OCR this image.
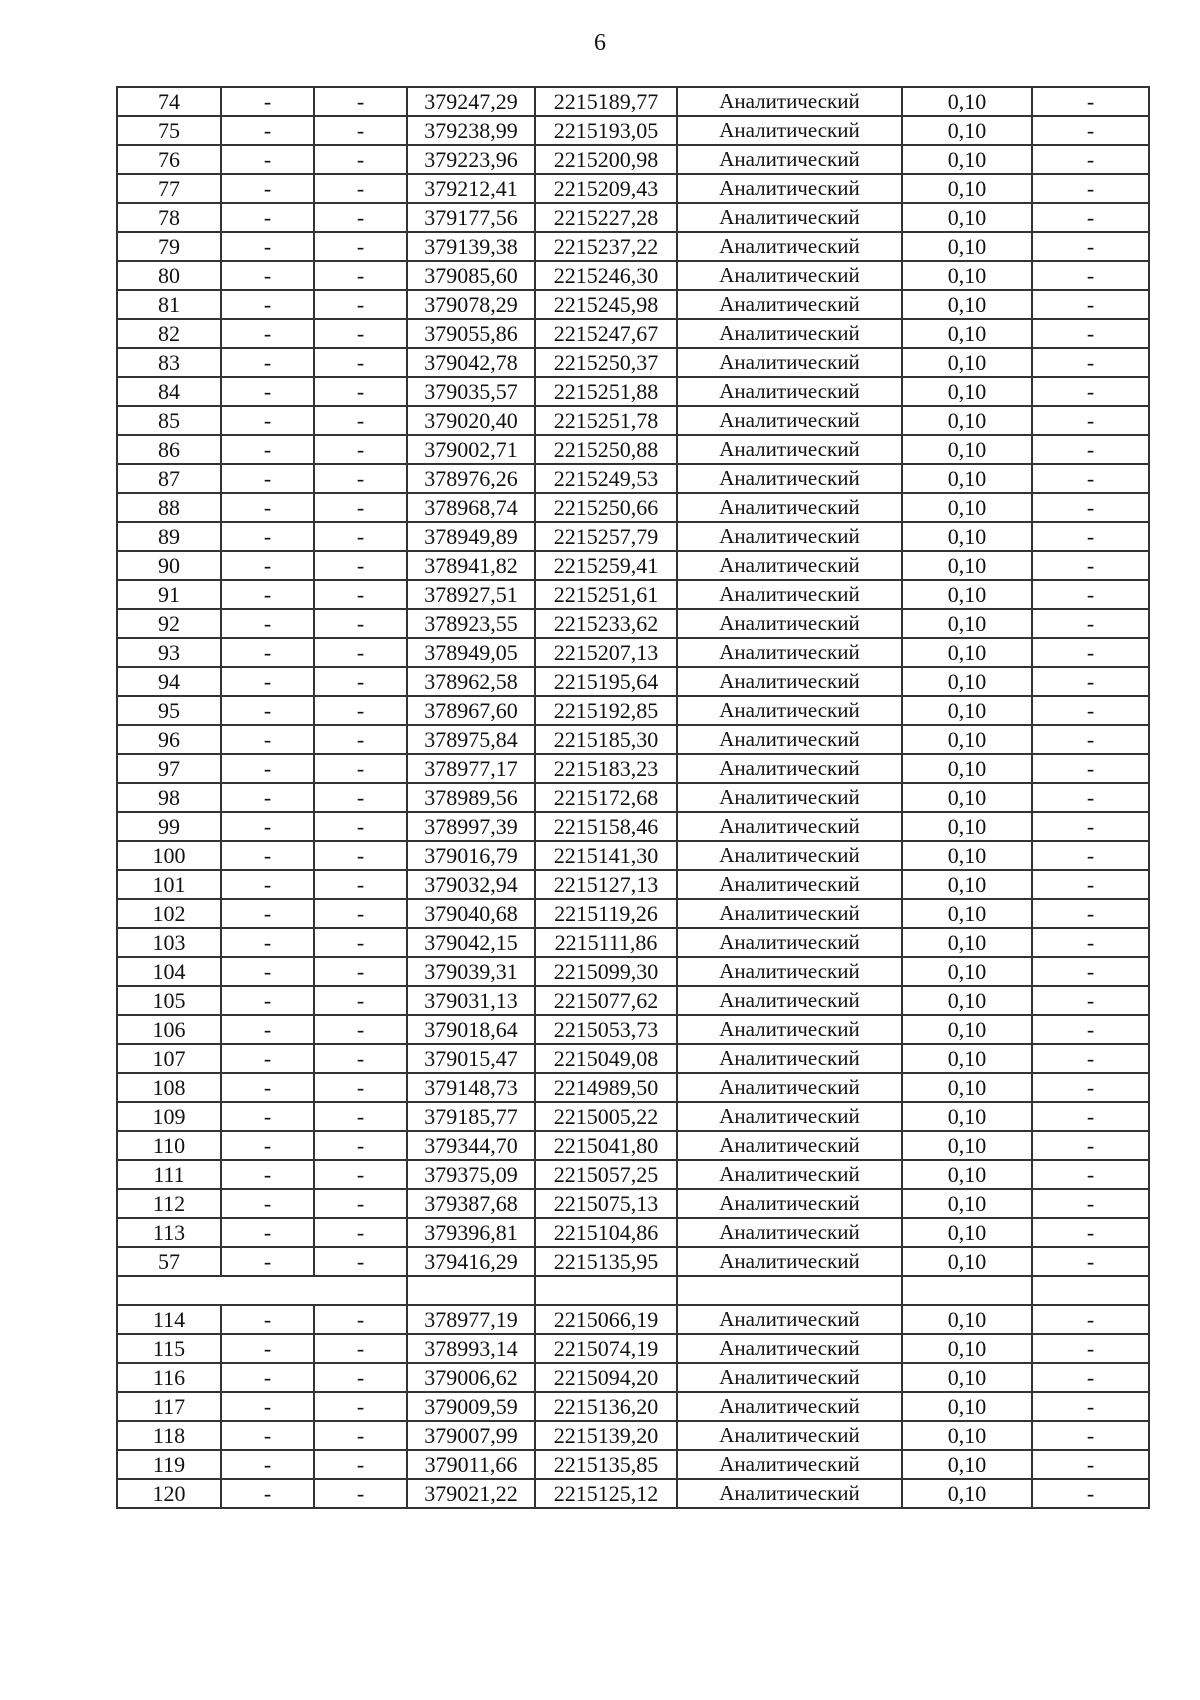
6
74	-	-	379247,29	2215189,77	Аналитический	0,10	-
75	-	-	379238,99	2215193,05	Аналитический	0,10	-
76	-	-	379223,96	2215200,98	Аналитический	0,10	-
77	-	-	379212,41	2215209,43	Аналитический	0,10	-
78	-	-	379177,56	2215227,28	Аналитический	0,10	-
79	-	-	379139,38	2215237,22	Аналитический	0,10	-
80	-	-	379085,60	2215246,30	Аналитический	0,10	-
81	-	-	379078,29	2215245,98	Аналитический	0,10	-
82	-	-	379055,86	2215247,67	Аналитический	0,10	-
83	-	-	379042,78	2215250,37	Аналитический	0,10	-
84	-	-	379035,57	2215251,88	Аналитический	0,10	-
85	-	-	379020,40	2215251,78	Аналитический	0,10	-
86	-	-	379002,71	2215250,88	Аналитический	0,10	-
87	-	-	378976,26	2215249,53	Аналитический	0,10	-
88	-	-	378968,74	2215250,66	Аналитический	0,10	-
89	-	-	378949,89	2215257,79	Аналитический	0,10	-
90	-	-	378941,82	2215259,41	Аналитический	0,10	-
91	-	-	378927,51	2215251,61	Аналитический	0,10	-
92	-	-	378923,55	2215233,62	Аналитический	0,10	-
93	-	-	378949,05	2215207,13	Аналитический	0,10	-
94	-	-	378962,58	2215195,64	Аналитический	0,10	-
95	-	-	378967,60	2215192,85	Аналитический	0,10	-
96	-	-	378975,84	2215185,30	Аналитический	0,10	-
97	-	-	378977,17	2215183,23	Аналитический	0,10	-
98	-	-	378989,56	2215172,68	Аналитический	0,10	-
99	-	-	378997,39	2215158,46	Аналитический	0,10	-
100	-	-	379016,79	2215141,30	Аналитический	0,10	-
101	-	-	379032,94	2215127,13	Аналитический	0,10	-
102	-	-	379040,68	2215119,26	Аналитический	0,10	-
103	-	-	379042,15	2215111,86	Аналитический	0,10	-
104	-	-	379039,31	2215099,30	Аналитический	0,10	-
105	-	-	379031,13	2215077,62	Аналитический	0,10	-
106	-	-	379018,64	2215053,73	Аналитический	0,10	-
107	-	-	379015,47	2215049,08	Аналитический	0,10	-
108	-	-	379148,73	2214989,50	Аналитический	0,10	-
109	-	-	379185,77	2215005,22	Аналитический	0,10	-
110	-	-	379344,70	2215041,80	Аналитический	0,10	-
111	-	-	379375,09	2215057,25	Аналитический	0,10	-
112	-	-	379387,68	2215075,13	Аналитический	0,10	-
113	-	-	379396,81	2215104,86	Аналитический	0,10	-
57	-	-	379416,29	2215135,95	Аналитический	0,10	-

114	-	-	378977,19	2215066,19	Аналитический	0,10	-
115	-	-	378993,14	2215074,19	Аналитический	0,10	-
116	-	-	379006,62	2215094,20	Аналитический	0,10	-
117	-	-	379009,59	2215136,20	Аналитический	0,10	-
118	-	-	379007,99	2215139,20	Аналитический	0,10	-
119	-	-	379011,66	2215135,85	Аналитический	0,10	-
120	-	-	379021,22	2215125,12	Аналитический	0,10	-
